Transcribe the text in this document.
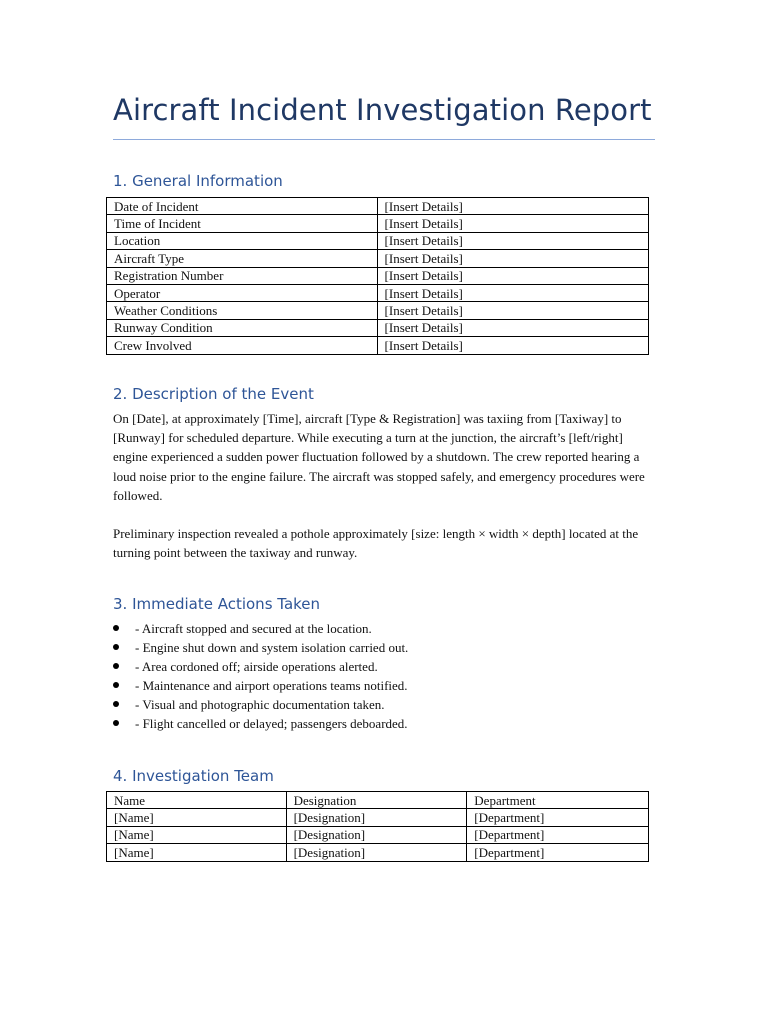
Aircraft Incident Investigation Report
1. General Information
Date of Incident	[Insert Details]
Time of Incident	[Insert Details]
Location	[Insert Details]
Aircraft Type	[Insert Details]
Registration Number	[Insert Details]
Operator	[Insert Details]
Weather Conditions	[Insert Details]
Runway Condition	[Insert Details]
Crew Involved	[Insert Details]
2. Description of the Event

On [Date], at approximately [Time], aircraft [Type & Registration] was taxiing from [Taxiway] to [Runway] for scheduled departure. While executing a turn at the junction, the aircraft’s [left/right] engine experienced a sudden power fluctuation followed by a shutdown. The crew reported hearing a loud noise prior to the engine failure. The aircraft was stopped safely, and emergency procedures were followed.

Preliminary inspection revealed a pothole approximately [size: length × width × depth] located at the turning point between the taxiway and runway.

3. Immediate Actions Taken
- Aircraft stopped and secured at the location.
- Engine shut down and system isolation carried out.
- Area cordoned off; airside operations alerted.
- Maintenance and airport operations teams notified.
- Visual and photographic documentation taken.
- Flight cancelled or delayed; passengers deboarded.
4. Investigation Team
Name	Designation	Department
[Name]	[Designation]	[Department]
[Name]	[Designation]	[Department]
[Name]	[Designation]	[Department]
